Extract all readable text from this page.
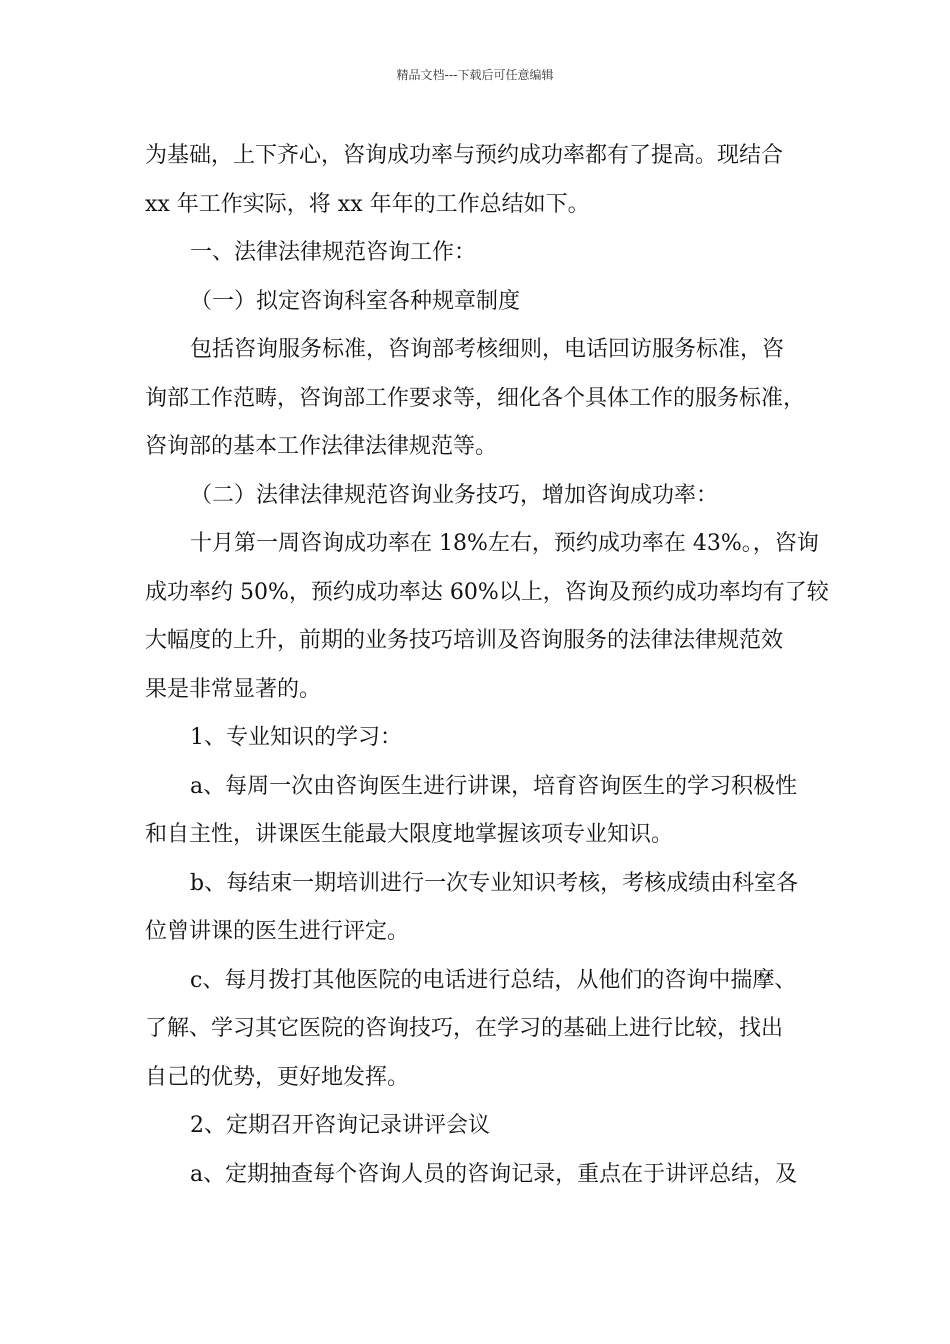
精品文档---下载后可任意编辑
为基础，上下齐心，咨询成功率与预约成功率都有了提高。现结合
xx 年工作实际，将 xx 年年的工作总结如下。
一、法律法律规范咨询工作：
（一）拟定咨询科室各种规章制度
包括咨询服务标准，咨询部考核细则，电话回访服务标准，咨
询部工作范畴，咨询部工作要求等，细化各个具体工作的服务标准，
咨询部的基本工作法律法律规范等。
（二）法律法律规范咨询业务技巧，增加咨询成功率：
十月第一周咨询成功率在 18%左右，预约成功率在 43%。，咨询
成功率约 50%，预约成功率达 60%以上，咨询及预约成功率均有了较
大幅度的上升，前期的业务技巧培训及咨询服务的法律法律规范效
果是非常显著的。
1、专业知识的学习：
a、每周一次由咨询医生进行讲课，培育咨询医生的学习积极性
和自主性，讲课医生能最大限度地掌握该项专业知识。
b、每结束一期培训进行一次专业知识考核，考核成绩由科室各
位曾讲课的医生进行评定。
c、每月拨打其他医院的电话进行总结，从他们的咨询中揣摩、
了解、学习其它医院的咨询技巧，在学习的基础上进行比较，找出
自己的优势，更好地发挥。
2、定期召开咨询记录讲评会议
a、定期抽查每个咨询人员的咨询记录，重点在于讲评总结，及
